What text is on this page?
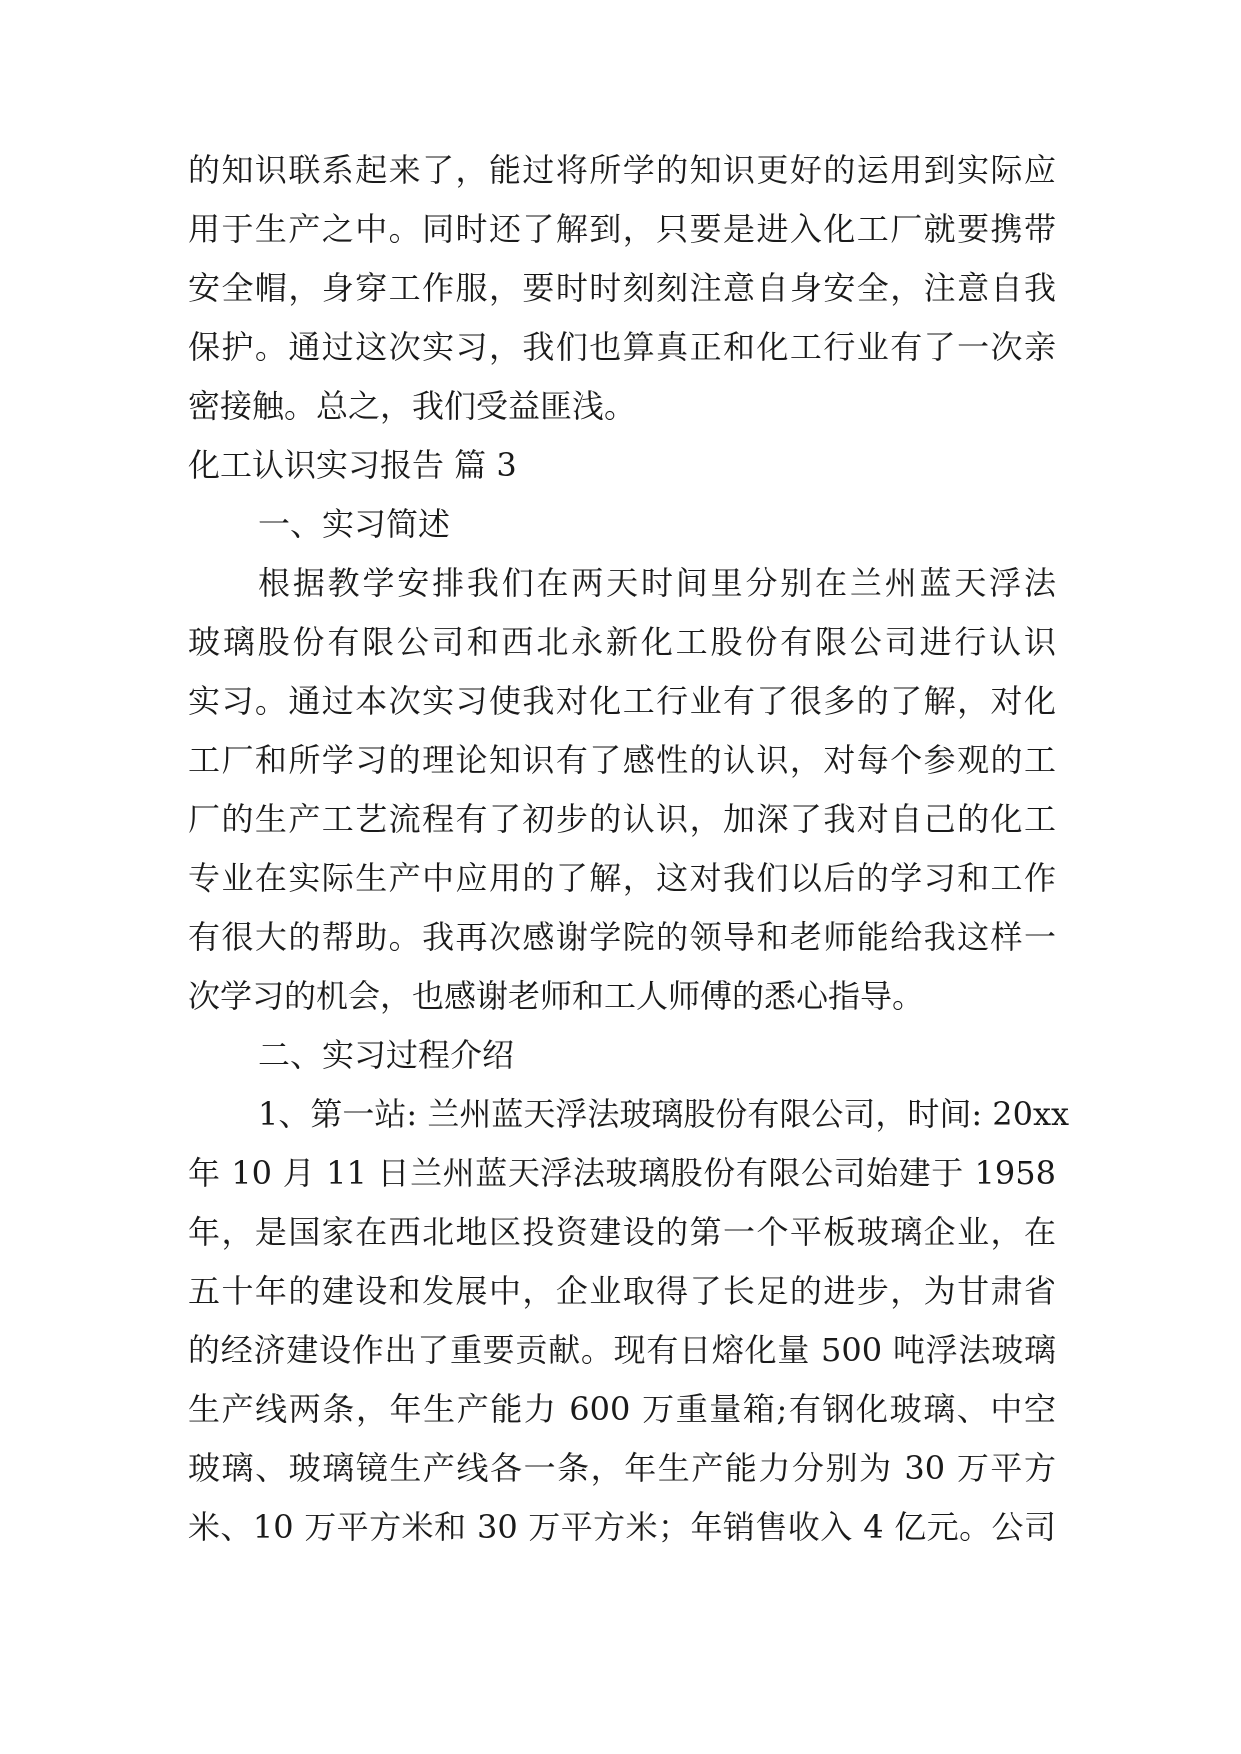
的知识联系起来了，能过将所学的知识更好的运用到实际应
用于生产之中。同时还了解到，只要是进入化工厂就要携带
安全帽，身穿工作服，要时时刻刻注意自身安全，注意自我
保护。通过这次实习，我们也算真正和化工行业有了一次亲
密接触。总之，我们受益匪浅。
化工认识实习报告 篇 3
一、实习简述
根据教学安排我们在两天时间里分别在兰州蓝天浮法
玻璃股份有限公司和西北永新化工股份有限公司进行认识
实习。通过本次实习使我对化工行业有了很多的了解，对化
工厂和所学习的理论知识有了感性的认识，对每个参观的工
厂的生产工艺流程有了初步的认识，加深了我对自己的化工
专业在实际生产中应用的了解，这对我们以后的学习和工作
有很大的帮助。我再次感谢学院的领导和老师能给我这样一
次学习的机会，也感谢老师和工人师傅的悉心指导。
二、实习过程介绍
1、第一站: 兰州蓝天浮法玻璃股份有限公司，时间: 20xx
年 10 月 11 日兰州蓝天浮法玻璃股份有限公司始建于 1958
年，是国家在西北地区投资建设的第一个平板玻璃企业，在
五十年的建设和发展中，企业取得了长足的进步，为甘肃省
的经济建设作出了重要贡献。现有日熔化量 500 吨浮法玻璃
生产线两条，年生产能力 600 万重量箱;有钢化玻璃、中空
玻璃、玻璃镜生产线各一条，年生产能力分别为 30 万平方
米、10 万平方米和 30 万平方米；年销售收入 4 亿元。公司
